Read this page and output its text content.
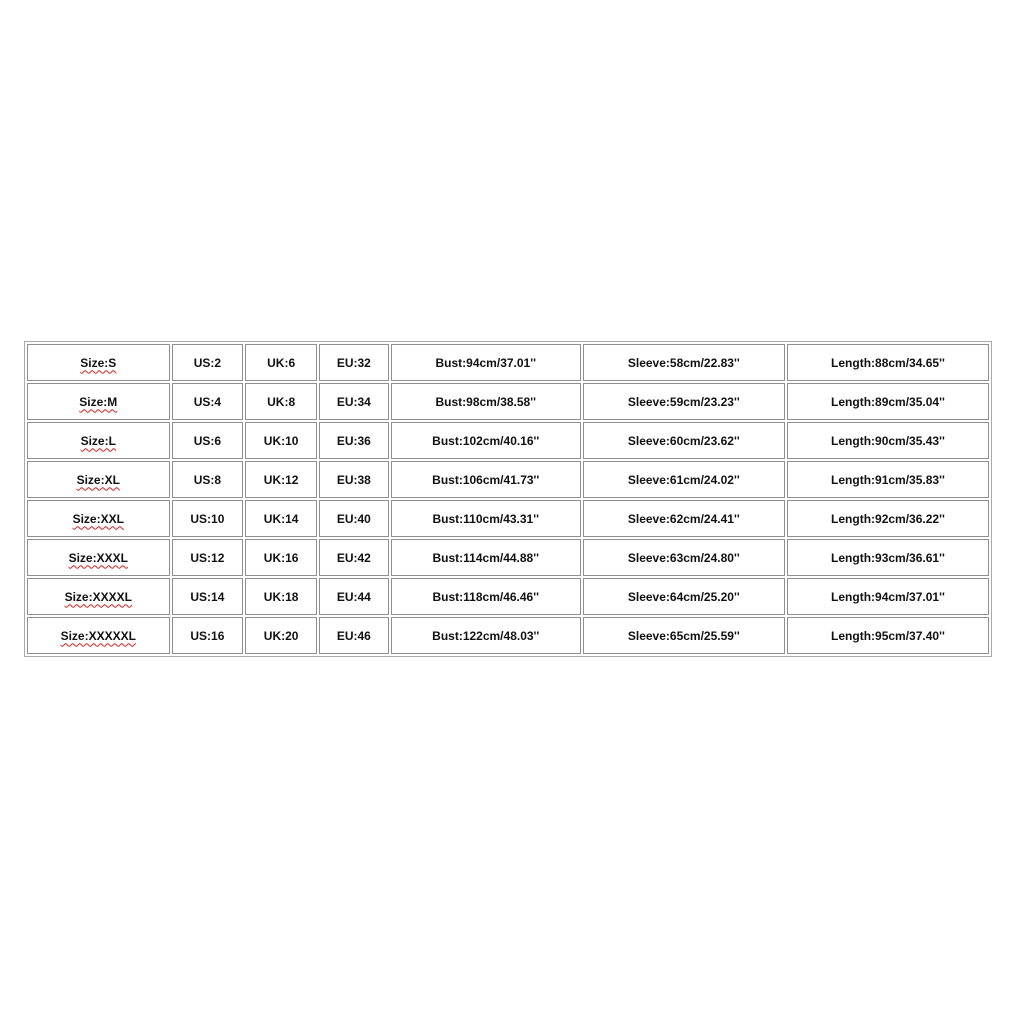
Size:S	US:2	UK:6	EU:32	Bust:94cm/37.01''	Sleeve:58cm/22.83''	Length:88cm/34.65''
Size:M	US:4	UK:8	EU:34	Bust:98cm/38.58''	Sleeve:59cm/23.23''	Length:89cm/35.04''
Size:L	US:6	UK:10	EU:36	Bust:102cm/40.16''	Sleeve:60cm/23.62''	Length:90cm/35.43''
Size:XL	US:8	UK:12	EU:38	Bust:106cm/41.73''	Sleeve:61cm/24.02''	Length:91cm/35.83''
Size:XXL	US:10	UK:14	EU:40	Bust:110cm/43.31''	Sleeve:62cm/24.41''	Length:92cm/36.22''
Size:XXXL	US:12	UK:16	EU:42	Bust:114cm/44.88''	Sleeve:63cm/24.80''	Length:93cm/36.61''
Size:XXXXL	US:14	UK:18	EU:44	Bust:118cm/46.46''	Sleeve:64cm/25.20''	Length:94cm/37.01''
Size:XXXXXL	US:16	UK:20	EU:46	Bust:122cm/48.03''	Sleeve:65cm/25.59''	Length:95cm/37.40''
